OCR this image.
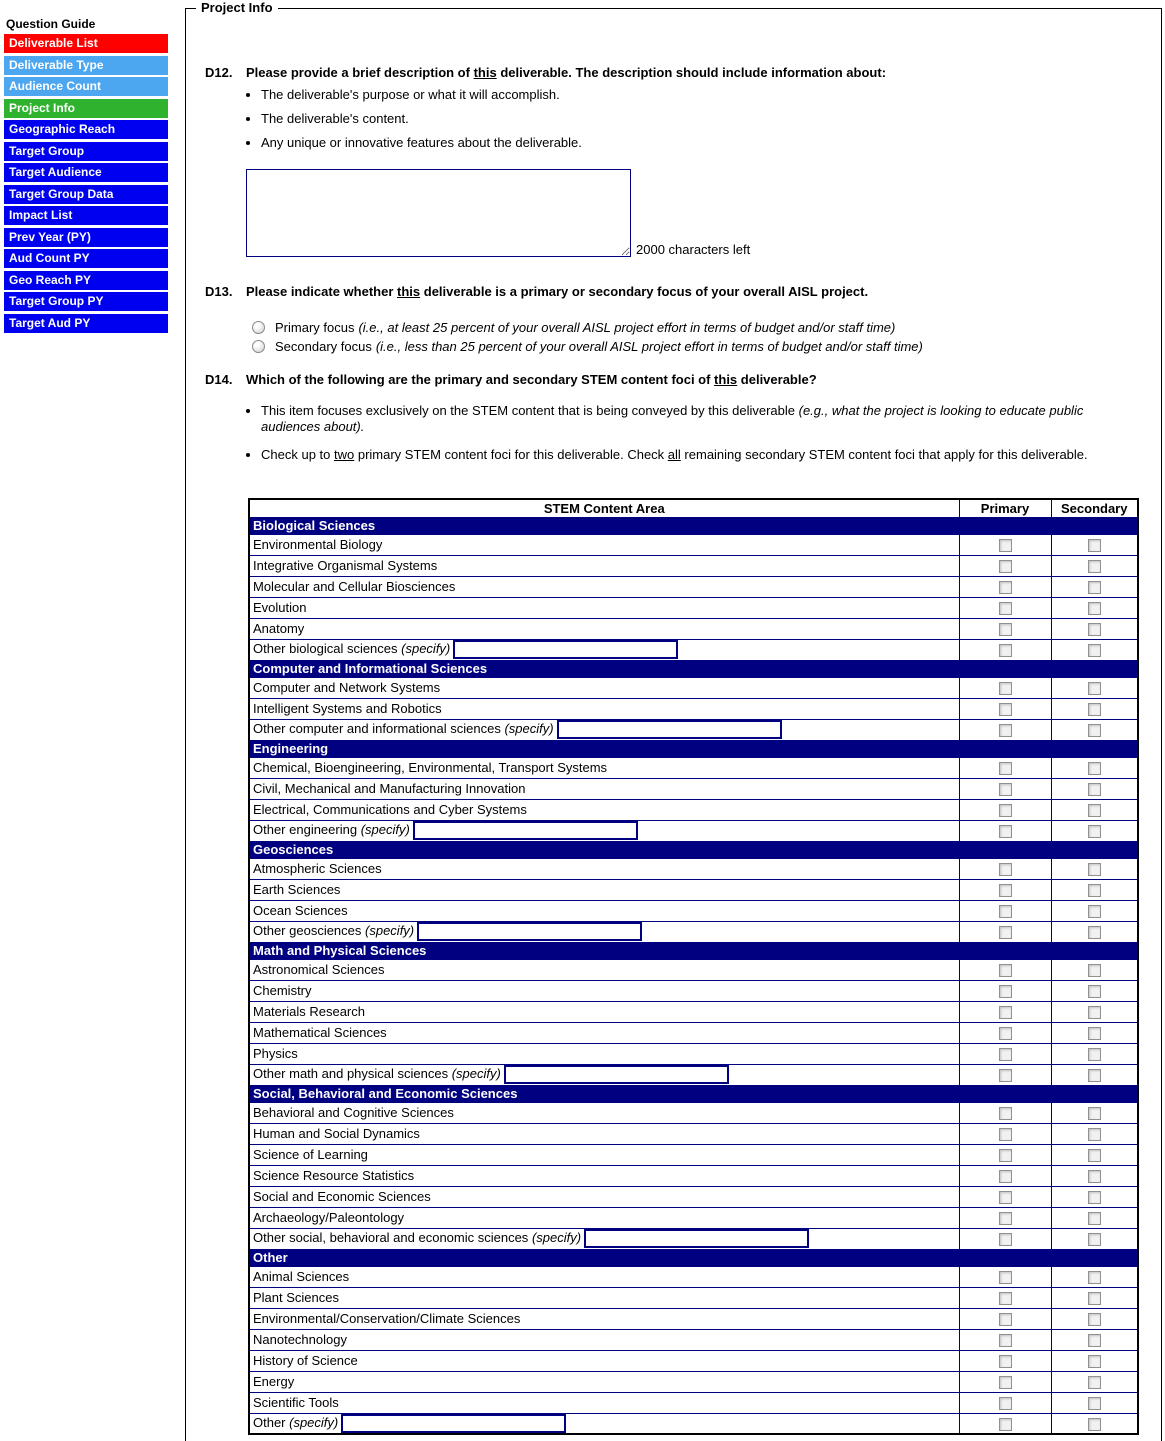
Question Guide
Deliverable List
Deliverable Type
Audience Count
Project Info
Geographic Reach
Target Group
Target Audience
Target Group Data
Impact List
Prev Year (PY)
Aud Count PY
Geo Reach PY
Target Group PY
Target Aud PY
Project Info
D12.	Please provide a brief description of this deliverable. The description should include information about:
• The deliverable's purpose or what it will accomplish.
• The deliverable's content.
• Any unique or innovative features about the deliverable.
2000 characters left
D13.	Please indicate whether this deliverable is a primary or secondary focus of your overall AISL project.
Primary focus (i.e., at least 25 percent of your overall AISL project effort in terms of budget and/or staff time)
Secondary focus (i.e., less than 25 percent of your overall AISL project effort in terms of budget and/or staff time)
D14.	Which of the following are the primary and secondary STEM content foci of this deliverable?
• This item focuses exclusively on the STEM content that is being conveyed by this deliverable (e.g., what the project is looking to educate public audiences about).
• Check up to two primary STEM content foci for this deliverable. Check all remaining secondary STEM content foci that apply for this deliverable.
STEM Content Area	Primary	Secondary
Biological Sciences		
Environmental Biology		
Integrative Organismal Systems		
Molecular and Cellular Biosciences		
Evolution		
Anatomy		
Other biological sciences (specify)		
Computer and Informational Sciences		
Computer and Network Systems		
Intelligent Systems and Robotics		
Other computer and informational sciences (specify)		
Engineering		
Chemical, Bioengineering, Environmental, Transport Systems		
Civil, Mechanical and Manufacturing Innovation		
Electrical, Communications and Cyber Systems		
Other engineering (specify)		
Geosciences		
Atmospheric Sciences		
Earth Sciences		
Ocean Sciences		
Other geosciences (specify)		
Math and Physical Sciences		
Astronomical Sciences		
Chemistry		
Materials Research		
Mathematical Sciences		
Physics		
Other math and physical sciences (specify)		
Social, Behavioral and Economic Sciences		
Behavioral and Cognitive Sciences		
Human and Social Dynamics		
Science of Learning		
Science Resource Statistics		
Social and Economic Sciences		
Archaeology/Paleontology		
Other social, behavioral and economic sciences (specify)		
Other		
Animal Sciences		
Plant Sciences		
Environmental/Conservation/Climate Sciences		
Nanotechnology		
History of Science		
Energy		
Scientific Tools		
Other (specify)		
